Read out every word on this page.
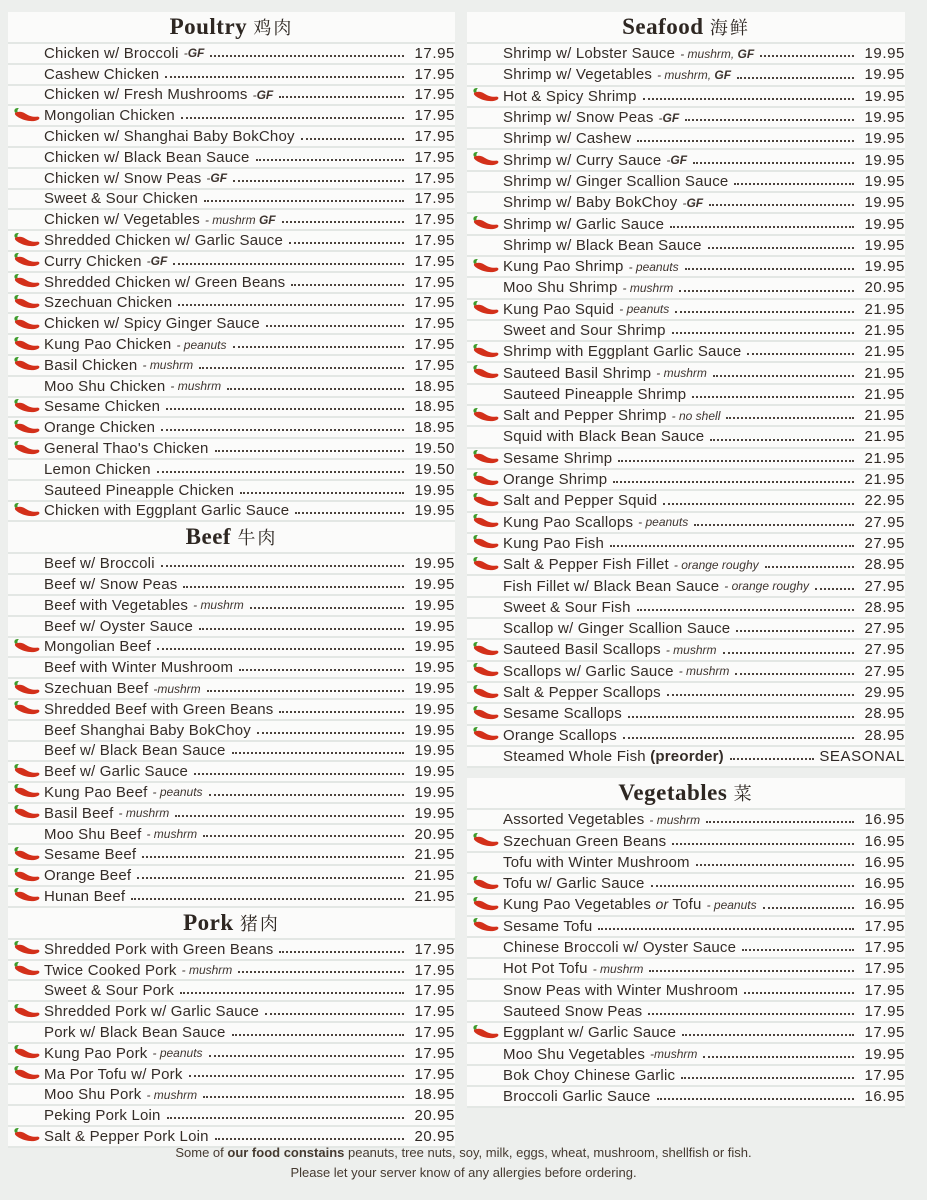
Poultry 鸡肉
Chicken w/ Broccoli -GF	17.95
Cashew Chicken	17.95
Chicken w/ Fresh Mushrooms -GF	17.95
Mongolian Chicken	17.95
Chicken w/ Shanghai Baby BokChoy	17.95
Chicken w/ Black Bean Sauce	17.95
Chicken w/ Snow Peas -GF	17.95
Sweet & Sour Chicken	17.95
Chicken w/ Vegetables - mushrm GF	17.95
Shredded Chicken w/ Garlic Sauce	17.95
Curry Chicken -GF	17.95
Shredded Chicken w/ Green Beans	17.95
Szechuan Chicken	17.95
Chicken w/ Spicy Ginger Sauce	17.95
Kung Pao Chicken - peanuts	17.95
Basil Chicken - mushrm	17.95
Moo Shu Chicken - mushrm	18.95
Sesame Chicken	18.95
Orange Chicken	18.95
General Thao's Chicken	19.50
Lemon Chicken	19.50
Sauteed Pineapple Chicken	19.95
Chicken with Eggplant Garlic Sauce	19.95
Beef 牛肉
Beef w/ Broccoli	19.95
Beef w/ Snow Peas	19.95
Beef with Vegetables - mushrm	19.95
Beef w/ Oyster Sauce	19.95
Mongolian Beef	19.95
Beef with Winter Mushroom	19.95
Szechuan Beef -mushrm	19.95
Shredded Beef with Green Beans	19.95
Beef Shanghai Baby BokChoy	19.95
Beef w/ Black Bean Sauce	19.95
Beef w/ Garlic Sauce	19.95
Kung Pao Beef - peanuts	19.95
Basil Beef - mushrm	19.95
Moo Shu Beef - mushrm	20.95
Sesame Beef	21.95
Orange Beef	21.95
Hunan Beef	21.95
Pork 猪肉
Shredded Pork with Green Beans	17.95
Twice Cooked Pork - mushrm	17.95
Sweet & Sour Pork	17.95
Shredded Pork w/ Garlic Sauce	17.95
Pork w/ Black Bean Sauce	17.95
Kung Pao Pork - peanuts	17.95
Ma Por Tofu w/ Pork	17.95
Moo Shu Pork - mushrm	18.95
Peking Pork Loin	20.95
Salt & Pepper Pork Loin	20.95
Seafood 海鲜
Shrimp w/ Lobster Sauce - mushrm, GF	19.95
Shrimp w/ Vegetables - mushrm, GF	19.95
Hot & Spicy Shrimp	19.95
Shrimp w/ Snow Peas -GF	19.95
Shrimp w/ Cashew	19.95
Shrimp w/ Curry Sauce -GF	19.95
Shrimp w/ Ginger Scallion Sauce	19.95
Shrimp w/ Baby BokChoy -GF	19.95
Shrimp w/ Garlic Sauce	19.95
Shrimp w/ Black Bean Sauce	19.95
Kung Pao Shrimp - peanuts	19.95
Moo Shu Shrimp - mushrm	20.95
Kung Pao Squid - peanuts	21.95
Sweet and Sour Shrimp	21.95
Shrimp with Eggplant Garlic Sauce	21.95
Sauteed Basil Shrimp - mushrm	21.95
Sauteed Pineapple Shrimp	21.95
Salt and Pepper Shrimp - no shell	21.95
Squid with Black Bean Sauce	21.95
Sesame Shrimp	21.95
Orange Shrimp	21.95
Salt and Pepper Squid	22.95
Kung Pao Scallops - peanuts	27.95
Kung Pao Fish	27.95
Salt & Pepper Fish Fillet - orange roughy	28.95
Fish Fillet w/ Black Bean Sauce - orange roughy	27.95
Sweet & Sour Fish	28.95
Scallop w/ Ginger Scallion Sauce	27.95
Sauteed Basil Scallops - mushrm	27.95
Scallops w/ Garlic Sauce - mushrm	27.95
Salt & Pepper Scallops	29.95
Sesame Scallops	28.95
Orange Scallops	28.95
Steamed Whole Fish (preorder)	SEASONAL
Vegetables 菜
Assorted Vegetables - mushrm	16.95
Szechuan Green Beans	16.95
Tofu with Winter Mushroom	16.95
Tofu w/ Garlic Sauce	16.95
Kung Pao Vegetables or Tofu - peanuts	16.95
Sesame Tofu	17.95
Chinese Broccoli w/ Oyster Sauce	17.95
Hot Pot Tofu - mushrm	17.95
Snow Peas with Winter Mushroom	17.95
Sauteed Snow Peas	17.95
Eggplant w/ Garlic Sauce	17.95
Moo Shu Vegetables -mushrm	19.95
Bok Choy Chinese Garlic	17.95
Broccoli Garlic Sauce	16.95

Some of our food constains peanuts, tree nuts, soy, milk, eggs, wheat, mushroom, shellfish or fish.

Please let your server know of any allergies before ordering.
